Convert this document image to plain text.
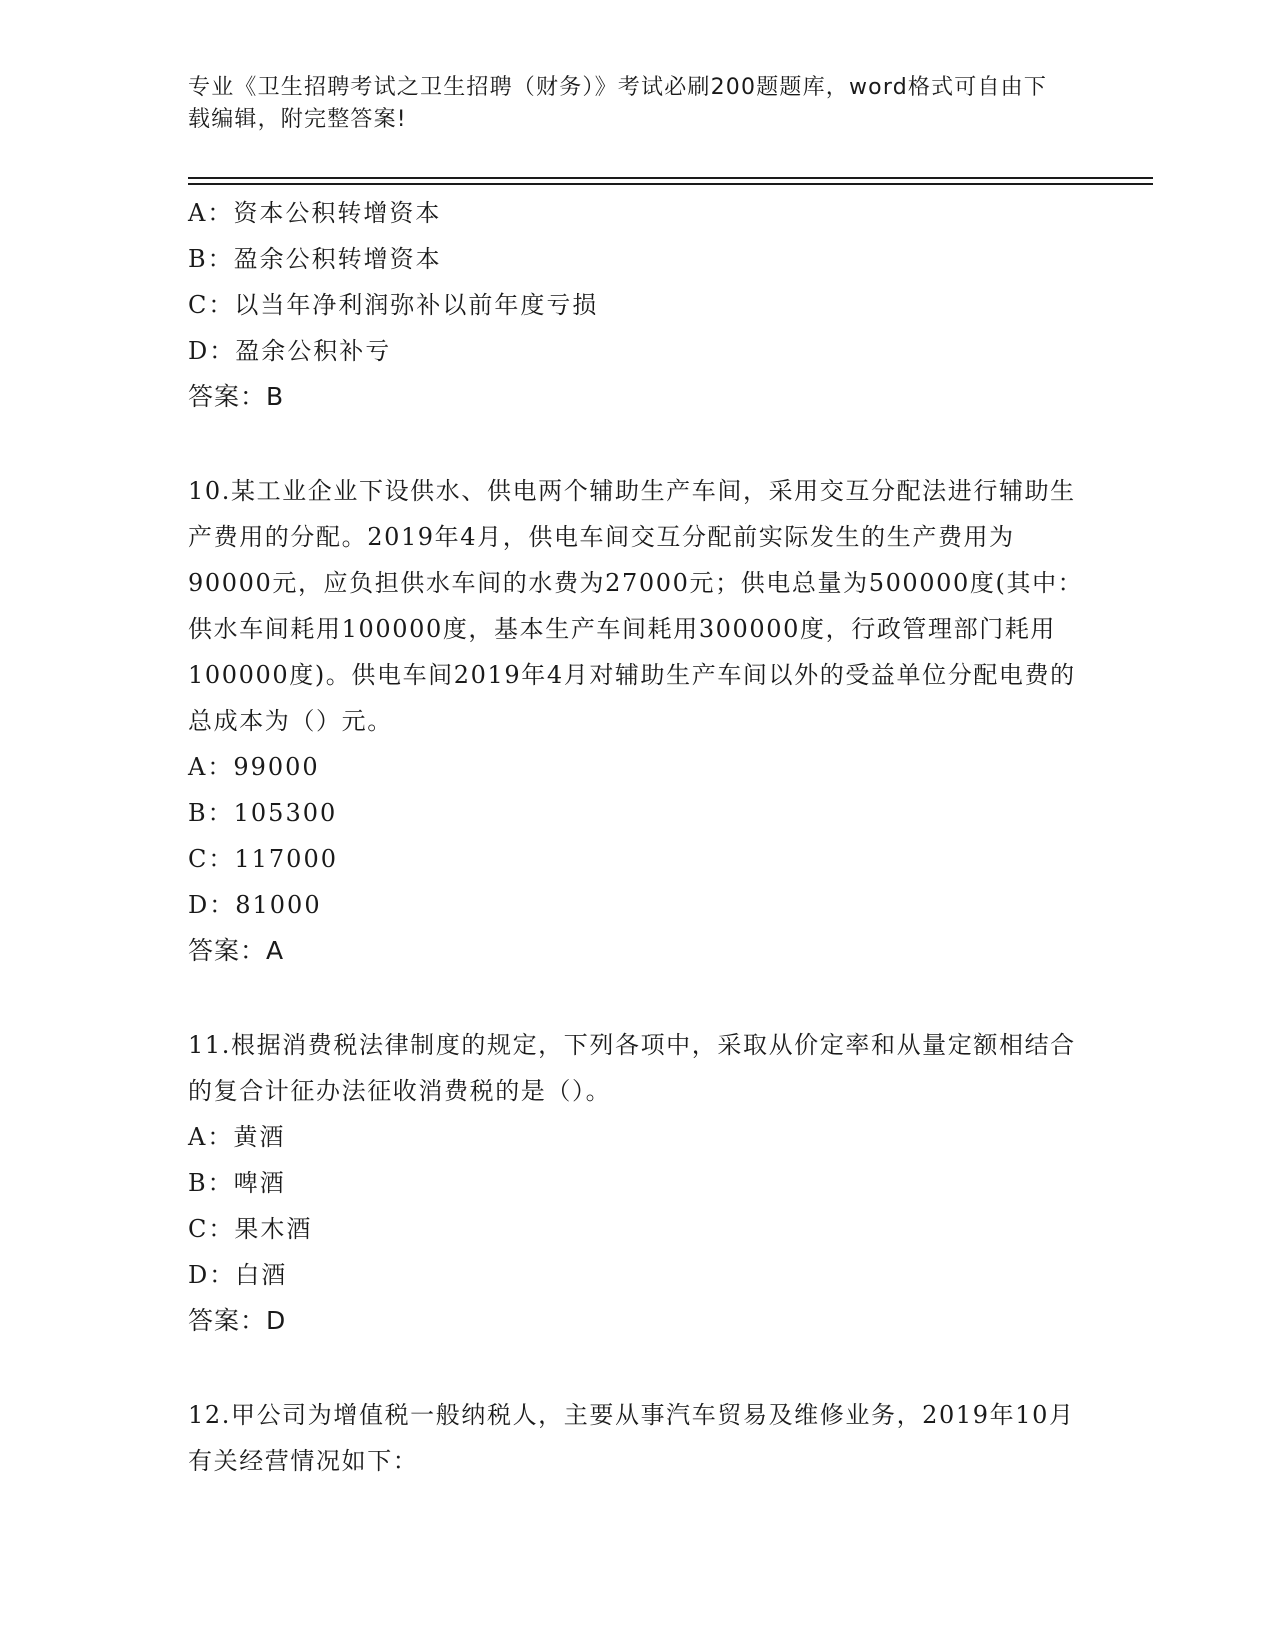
专业《卫生招聘考试之卫生招聘（财务）》考试必刷200题题库，word格式可自由下载编辑，附完整答案!
A：资本公积转增资本
B：盈余公积转增资本
C：以当年净利润弥补以前年度亏损
D：盈余公积补亏
答案：B
10.某工业企业下设供水、供电两个辅助生产车间，采用交互分配法进行辅助生产费用的分配。2019年4月，供电车间交互分配前实际发生的生产费用为90000元，应负担供水车间的水费为27000元；供电总量为500000度(其中：供水车间耗用100000度，基本生产车间耗用300000度，行政管理部门耗用100000度)。供电车间2019年4月对辅助生产车间以外的受益单位分配电费的总成本为（）元。
A：99000
B：105300
C：117000
D：81000
答案：A
11.根据消费税法律制度的规定，下列各项中，采取从价定率和从量定额相结合的复合计征办法征收消费税的是（）。
A：黄酒
B：啤酒
C：果木酒
D：白酒
答案：D
12.甲公司为增值税一般纳税人，主要从事汽车贸易及维修业务，2019年10月有关经营情况如下：
